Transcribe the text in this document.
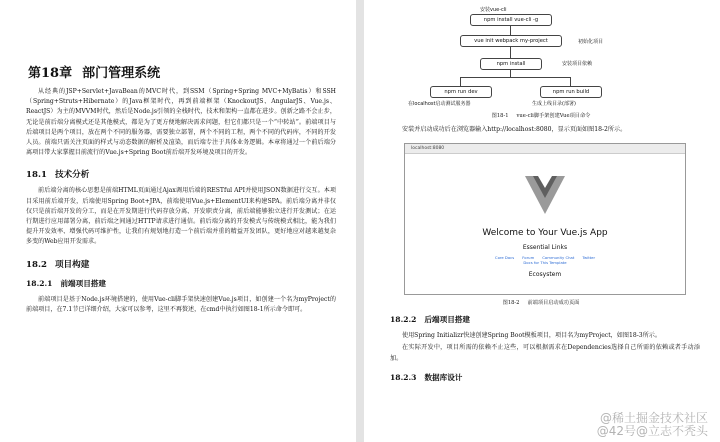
第18章 部门管理系统

从经典的JSP+Servlet+JavaBean的MVC时代，到SSM（Spring+Spring MVC+MyBatis）和SSH（Spring+Struts+Hibernate）的Java框架时代，再到前端框架（KnockoutJS、AngularJS、Vue.js、ReactJS）为主的MVVM时代，然后是Node.js引领的全栈时代，技术和架构一直都在进步。创新之路不会止步，无论是前后端分离模式还是其他模式，都是为了更方便地解决需求问题，但它们都只是一个“中转站”。前端项目与后端项目是两个项目，放在两个不同的服务器，需要独立部署，两个不同的工程，两个不同的代码库，不同的开发人员。前端只需关注页面的样式与动态数据的解析及渲染，而后端专注于具体业务逻辑。本章将通过一个前后端分离项目带大家掌握目前流行的Vue.js+Spring Boot前后端开发环境及项目的开发。

18.1 技术分析

前后端分离的核心思想是前端HTML页面通过Ajax调用后端的RESTful API并使用JSON数据进行交互。本项目采用前后端开发，后端使用Spring Boot+JPA，前端使用Vue.js+ElementUI来构建SPA。前后端分离并非仅仅只是前后端开发的分工，而是在开发期进行代码存放分离、开发职责分离，前后端能够独立进行开发测试；在运行期进行应用部署分离，前后端之间通过HTTP请求进行通信。前后端分离的开发模式与传统模式相比，能为我们提升开发效率、增强代码可维护性，让我们有规划地打造一个前后端并重的精益开发团队，更好地应对越来越复杂多变的Web应用开发需求。

18.2 项目构建
18.2.1 前端项目搭建

前端项目是基于Node.js环境搭建的，使用Vue-cli脚手架快速创建Vue.js项目，如创建一个名为myProject的前端项目，在7.1节已详细介绍，大家可以参考，这里不再赘述，在cmd中执行如图18-1所示命令即可。

安装vue-cli
npm install vue-cli -g
vue init webpack my-project	初始化项目
npm install	安装项目依赖
npm run dev	npm run build
在localhost启动测试服务器	生成上线目录(部署)
图18-1 vue-cli脚手架创建Vue项目命令

安装并启动成功后在浏览器输入http://localhost:8080，显示页面如图18-2所示。

localhost:8080
Welcome to Your Vue.js App
Essential Links
Core Docs Forum Community Chat Twitter
Docs for This Template
Ecosystem
图18-2 前端项目启动成功页面
18.2.2 后端项目搭建

使用Spring Initializr快速创建Spring Boot模板项目，项目名为myProject，如图18-3所示。

在实际开发中，项目所需的依赖不止这些，可以根据需求在Dependencies选择自己所需的依赖或者手动添加。

18.2.3 数据库设计
@稀土掘金技术社区
@42号@立志不秃头
